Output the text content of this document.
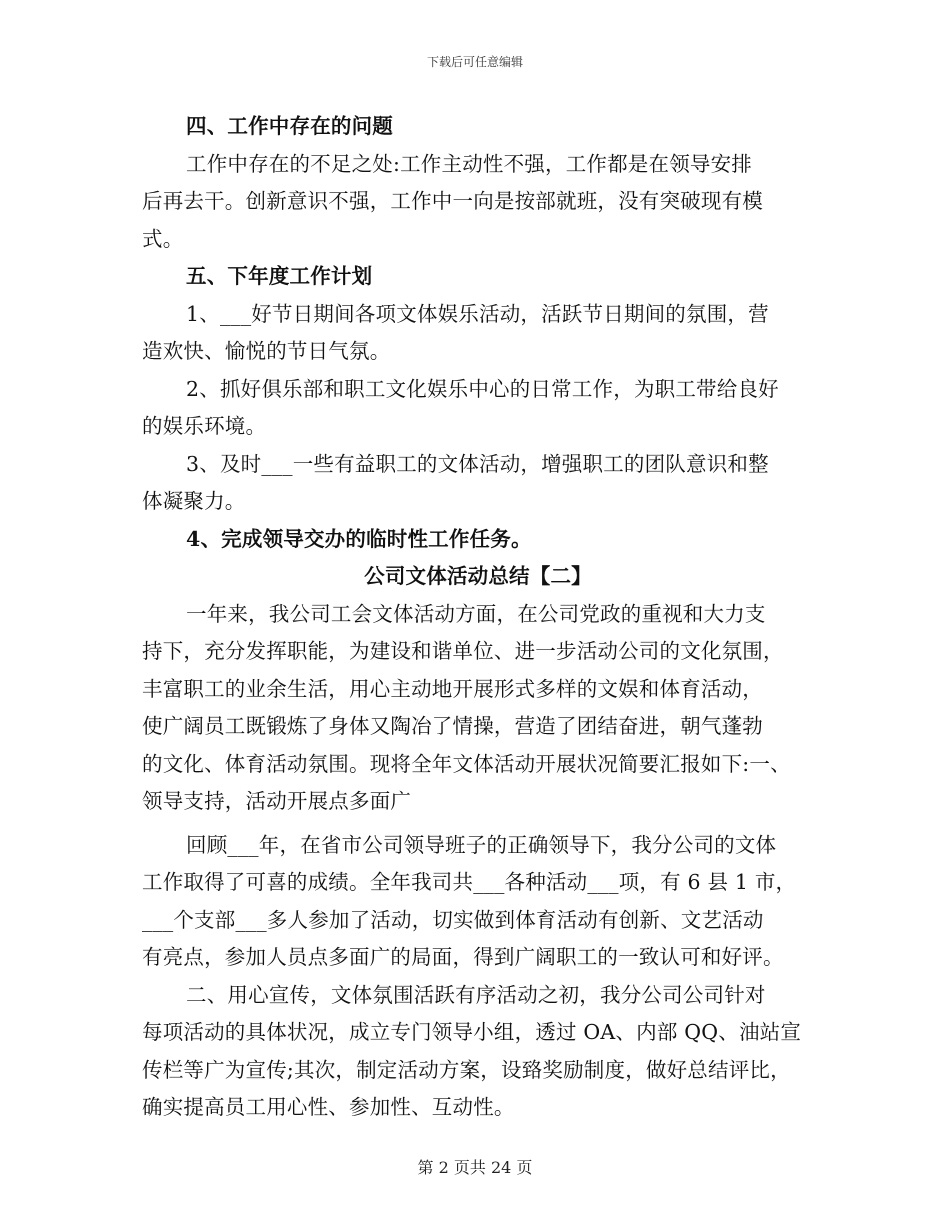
下载后可任意编辑
四、工作中存在的问题
工作中存在的不足之处:工作主动性不强，工作都是在领导安排
后再去干。创新意识不强，工作中一向是按部就班，没有突破现有模
式。
五、下年度工作计划
1、___好节日期间各项文体娱乐活动，活跃节日期间的氛围，营
造欢快、愉悦的节日气氛。
2、抓好俱乐部和职工文化娱乐中心的日常工作，为职工带给良好
的娱乐环境。
3、及时___一些有益职工的文体活动，增强职工的团队意识和整
体凝聚力。
4、完成领导交办的临时性工作任务。
公司文体活动总结【二】
一年来，我公司工会文体活动方面，在公司党政的重视和大力支
持下，充分发挥职能，为建设和谐单位、进一步活动公司的文化氛围，
丰富职工的业余生活，用心主动地开展形式多样的文娱和体育活动，
使广阔员工既锻炼了身体又陶冶了情操，营造了团结奋进，朝气蓬勃
的文化、体育活动氛围。现将全年文体活动开展状况简要汇报如下:一、
领导支持，活动开展点多面广
回顾___年，在省市公司领导班子的正确领导下，我分公司的文体
工作取得了可喜的成绩。全年我司共___各种活动___项，有 6 县 1 市，
___个支部___多人参加了活动，切实做到体育活动有创新、文艺活动
有亮点，参加人员点多面广的局面，得到广阔职工的一致认可和好评。
二、用心宣传，文体氛围活跃有序活动之初，我分公司公司针对
每项活动的具体状况，成立专门领导小组，透过 OA、内部 QQ、油站宣
传栏等广为宣传;其次，制定活动方案，设臵奖励制度，做好总结评比，
确实提高员工用心性、参加性、互动性。
第 2 页共 24 页
